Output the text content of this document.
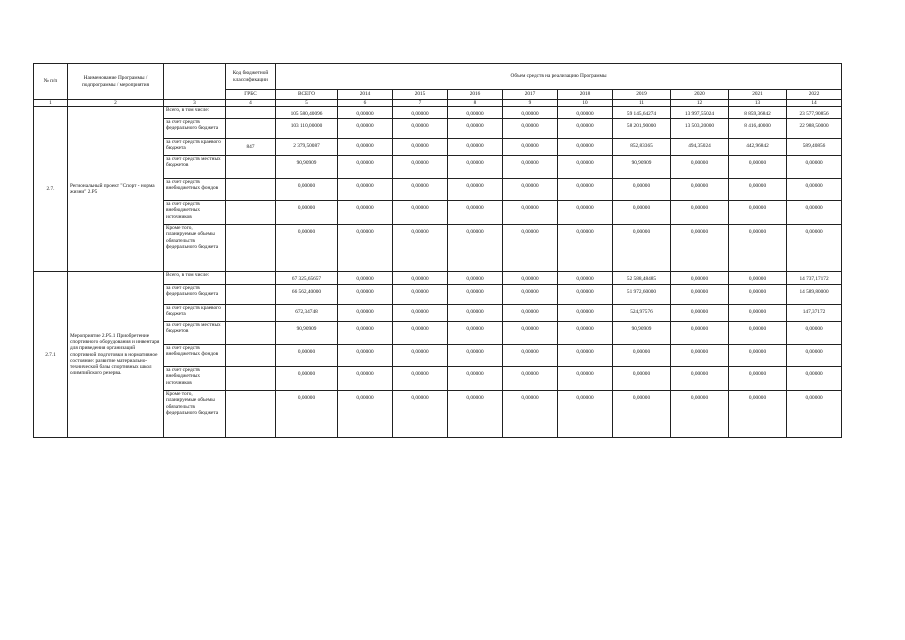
№ п/п	Наименование Программы / подпрограммы / мероприятия		Код бюджетной классификации	Объем средств на реализацию Программы									
			ГРБС	ВСЕГО	2014	2015	2016	2017	2018	2019	2020	2021	2022
1	2	3	4	5	6	7	8	9	10	11	12	13	14
2.7.	Региональный проект "Спорт - норма жизни" 2.Р5	Всего, в том числе:		105 580,40096	0,00000	0,00000	0,00000	0,00000	0,00000	59 145,64274	13 997,55024	8 859,36842	23 577,90856
		за счет средств федерального бюджета		103 110,00000	0,00000	0,00000	0,00000	0,00000	0,00000	58 201,90000	13 503,20000	8 416,40000	22 988,50000
		за счет средств краевого бюджета	847	2 379,50087	0,00000	0,00000	0,00000	0,00000	0,00000	852,83365	494,35024	442,96842	589,40856
		за счет средств местных бюджетов		90,90909	0,00000	0,00000	0,00000	0,00000	0,00000	90,90909	0,00000	0,00000	0,00000
		за счет средств внебюджетных фондов		0,00000	0,00000	0,00000	0,00000	0,00000	0,00000	0,00000	0,00000	0,00000	0,00000
		за счет средств внебюджетных источников		0,00000	0,00000	0,00000	0,00000	0,00000	0,00000	0,00000	0,00000	0,00000	0,00000
		Кроме того, планируемые объемы обязательств федерального бюджета		0,00000	0,00000	0,00000	0,00000	0,00000	0,00000	0,00000	0,00000	0,00000	0,00000
2.7.1	Мероприятие 2.Р5.1 Приобретение спортивного оборудования и инвентаря для приведения организаций спортивной подготовки в нормативное состояние: развитие материально-технической базы спортивных школ олимпийского резерва.	Всего, в том числе:		67 325,65657	0,00000	0,00000	0,00000	0,00000	0,00000	52 588,48485	0,00000	0,00000	14 737,17172
		за счет средств федерального бюджета		66 562,40000	0,00000	0,00000	0,00000	0,00000	0,00000	51 972,60000	0,00000	0,00000	14 589,80000
		за счет средств краевого бюджета		672,34748	0,00000	0,00000	0,00000	0,00000	0,00000	524,97576	0,00000	0,00000	147,37172
		за счет средств местных бюджетов		90,90909	0,00000	0,00000	0,00000	0,00000	0,00000	90,90909	0,00000	0,00000	0,00000
		за счет средств внебюджетных фондов		0,00000	0,00000	0,00000	0,00000	0,00000	0,00000	0,00000	0,00000	0,00000	0,00000
		за счет средств внебюджетных источников		0,00000	0,00000	0,00000	0,00000	0,00000	0,00000	0,00000	0,00000	0,00000	0,00000
		Кроме того, планируемые объемы обязательств федерального бюджета		0,00000	0,00000	0,00000	0,00000	0,00000	0,00000	0,00000	0,00000	0,00000	0,00000
